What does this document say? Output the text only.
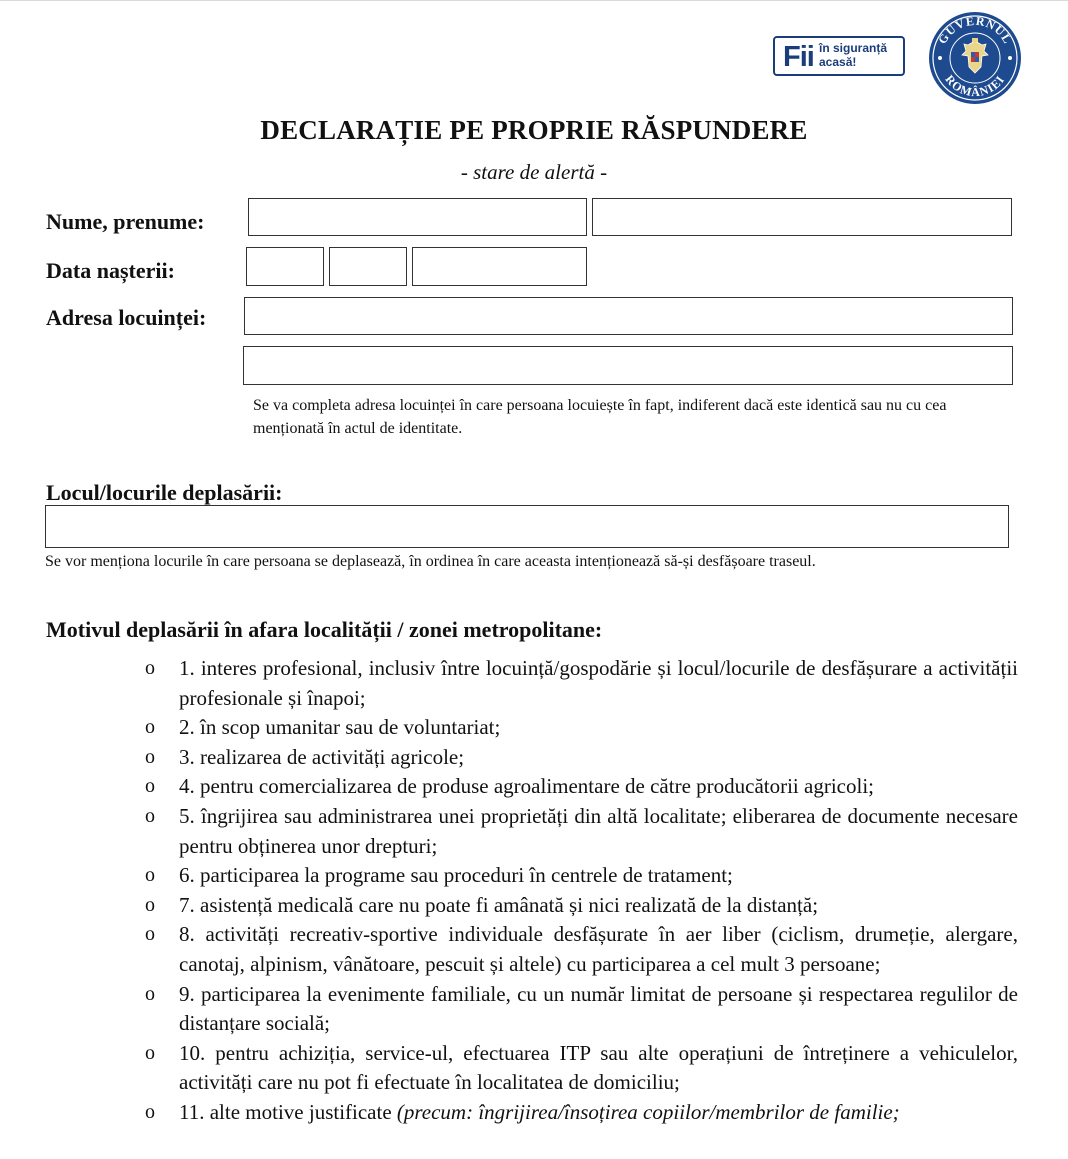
Fii în siguranță acasă!
GUVERNUL
ROMÂNIEI
DECLARAȚIE PE PROPRIE RĂSPUNDERE
- stare de alertă -
Nume, prenume:
Data nașterii:
Adresa locuinței:
Se va completa adresa locuinței în care persoana locuiește în fapt, indiferent dacă este identică sau nu cu cea menționată în actul de identitate.
Locul/locurile deplasării:
Se vor menționa locurile în care persoana se deplasează, în ordinea în care aceasta intenționează să-și desfășoare traseul.
Motivul deplasării în afara localității / zonei metropolitane:
o 1. interes profesional, inclusiv între locuință/gospodărie și locul/locurile de desfășurare a activității profesionale și înapoi;
o 2. în scop umanitar sau de voluntariat;
o 3. realizarea de activități agricole;
o 4. pentru comercializarea de produse agroalimentare de către producătorii agricoli;
o 5. îngrijirea sau administrarea unei proprietăți din altă localitate; eliberarea de documente necesare pentru obținerea unor drepturi;
o 6. participarea la programe sau proceduri în centrele de tratament;
o 7. asistență medicală care nu poate fi amânată și nici realizată de la distanță;
o 8. activități recreativ-sportive individuale desfășurate în aer liber (ciclism, drumeție, alergare, canotaj, alpinism, vânătoare, pescuit și altele) cu participarea a cel mult 3 persoane;
o 9. participarea la evenimente familiale, cu un număr limitat de persoane și respectarea regulilor de distanțare socială;
o 10. pentru achiziția, service-ul, efectuarea ITP sau alte operațiuni de întreținere a vehiculelor, activități care nu pot fi efectuate în localitatea de domiciliu;
o 11. alte motive justificate (precum: îngrijirea/însoțirea copiilor/membrilor de familie;
